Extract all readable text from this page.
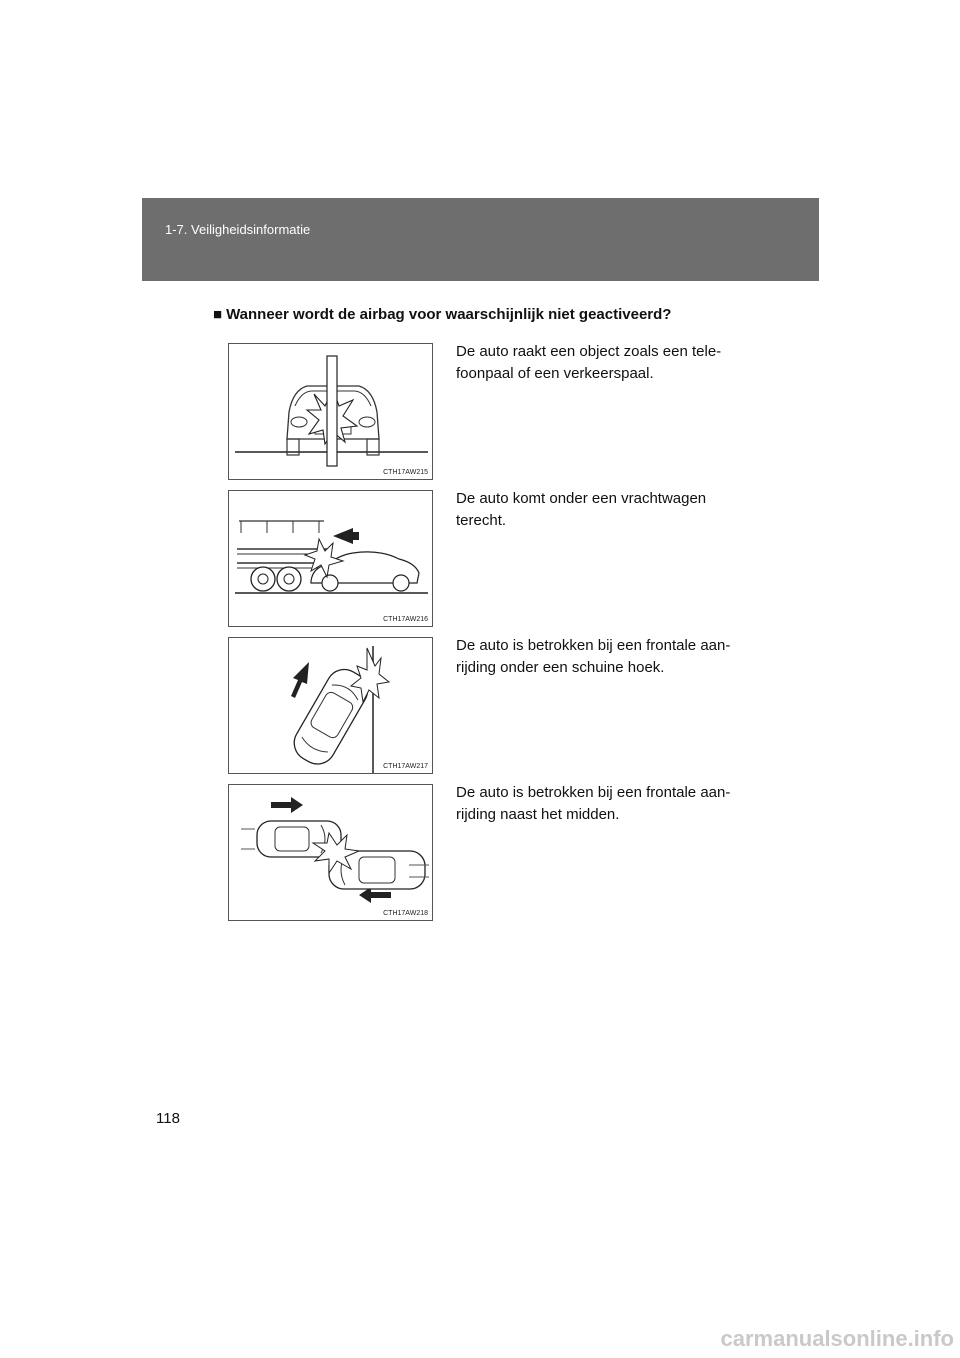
1-7. Veiligheidsinformatie
■ Wanneer wordt de airbag voor waarschijnlijk niet geactiveerd?
CTH17AW215
De auto raakt een object zoals een tele-
foonpaal of een verkeerspaal.
CTH17AW216
De auto komt onder een vrachtwagen
terecht.
CTH17AW217
De auto is betrokken bij een frontale aan-
rijding onder een schuine hoek.
CTH17AW218
De auto is betrokken bij een frontale aan-
rijding naast het midden.
118
carmanualsonline.info
